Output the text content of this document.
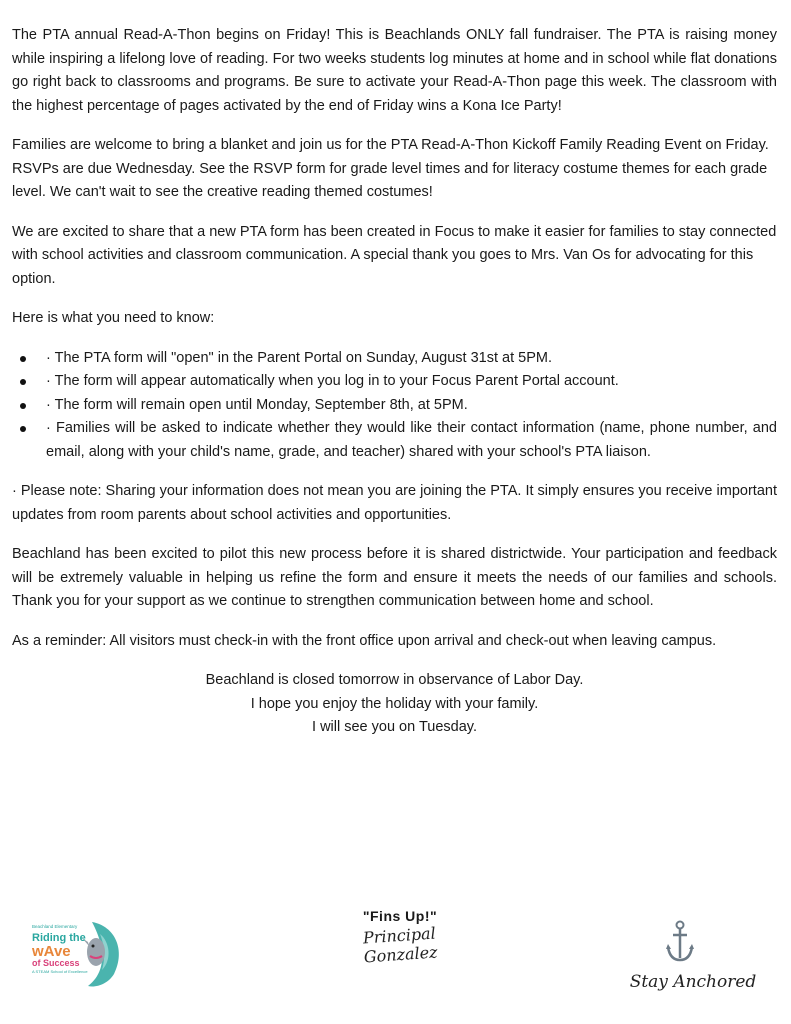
The PTA annual Read-A-Thon begins on Friday! This is Beachlands ONLY fall fundraiser. The PTA is raising money while inspiring a lifelong love of reading. For two weeks students log minutes at home and in school while flat donations go right back to classrooms and programs. Be sure to activate your Read-A-Thon page this week. The classroom with the highest percentage of pages activated by the end of Friday wins a Kona Ice Party!

Families are welcome to bring a blanket and join us for the PTA Read-A-Thon Kickoff Family Reading Event on Friday. RSVPs are due Wednesday. See the RSVP form for grade level times and for literacy costume themes for each grade level. We can't wait to see the creative reading themed costumes!

We are excited to share that a new PTA form has been created in Focus to make it easier for families to stay connected with school activities and classroom communication. A special thank you goes to Mrs. Van Os for advocating for this option.

Here is what you need to know:

· The PTA form will "open" in the Parent Portal on Sunday, August 31st at 5PM.
· The form will appear automatically when you log in to your Focus Parent Portal account.
· The form will remain open until Monday, September 8th, at 5PM.
· Families will be asked to indicate whether they would like their contact information (name, phone number, and email, along with your child's name, grade, and teacher) shared with your school's PTA liaison.

· Please note: Sharing your information does not mean you are joining the PTA. It simply ensures you receive important updates from room parents about school activities and opportunities.

Beachland has been excited to pilot this new process before it is shared districtwide. Your participation and feedback will be extremely valuable in helping us refine the form and ensure it meets the needs of our families and schools. Thank you for your support as we continue to strengthen communication between home and school.

As a reminder: All visitors must check-in with the front office upon arrival and check-out when leaving campus.

Beachland is closed tomorrow in observance of Labor Day.

I hope you enjoy the holiday with your family.

I will see you on Tuesday.

Beachland Elementary
Riding the
wAve
of Success
A STEAM School of Excellence
"Fins Up!"
Principal Gonzalez
Stay Anchored
